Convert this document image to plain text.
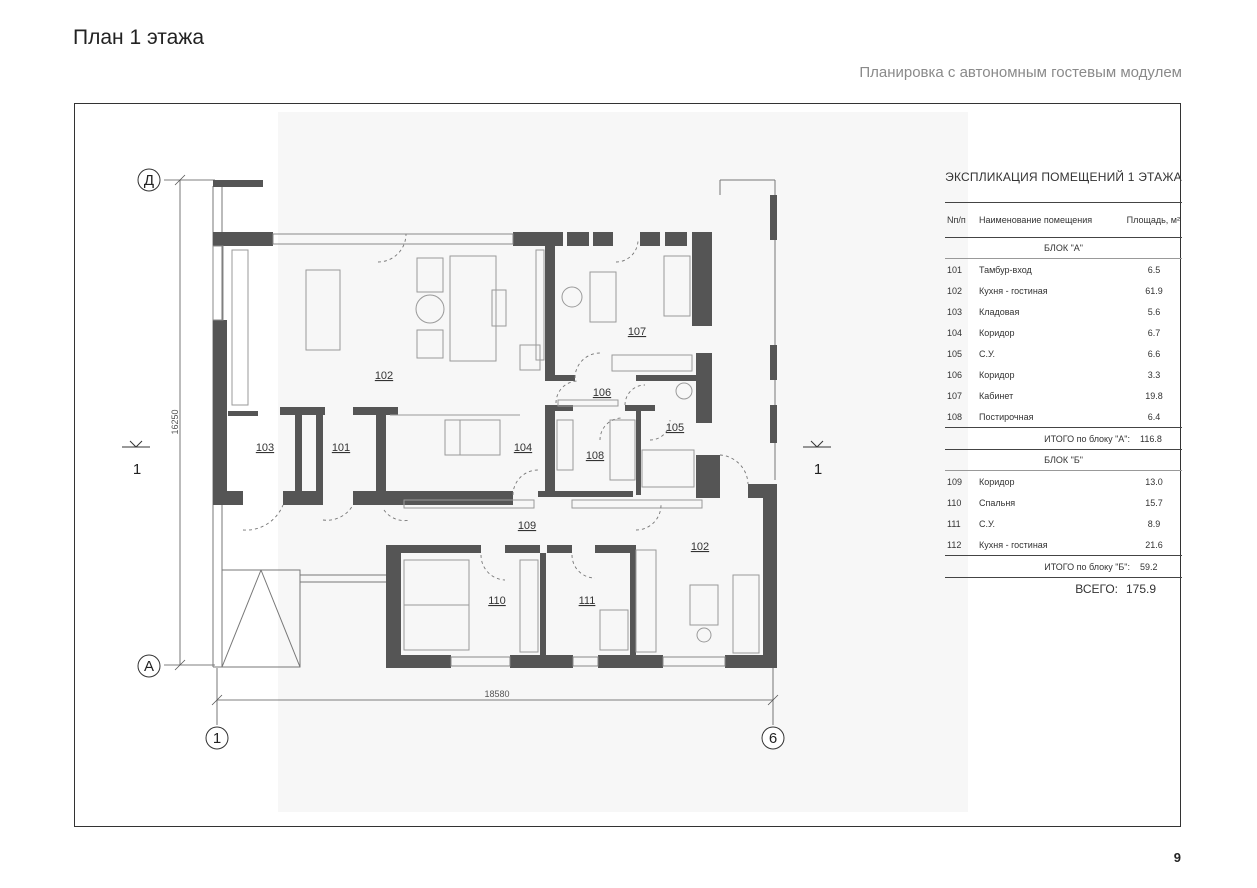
План 1 этажа
Планировка с автономным гостевым модулем
16250
18580
Д
А
1	6
1	1
102
107
106
102
103	101	104
108
105
109
110	111
ЭКСПЛИКАЦИЯ ПОМЕЩЕНИЙ 1 ЭТАЖА
Nп/п	Наименование помещения	Площадь, м²
БЛОК "А"
101	Тамбур-вход	6.5
102	Кухня - гостиная	61.9
103	Кладовая	5.6
104	Коридор	6.7
105	С.У.	6.6
106	Коридор	3.3
107	Кабинет	19.8
108	Постирочная	6.4
ИТОГО по блоку "А":	116.8
БЛОК "Б"
109	Коридор	13.0
110	Спальня	15.7
111	С.У.	8.9
112	Кухня - гостиная	21.6
ИТОГО по блоку "Б":	59.2
ВСЕГО: 175.9
9
